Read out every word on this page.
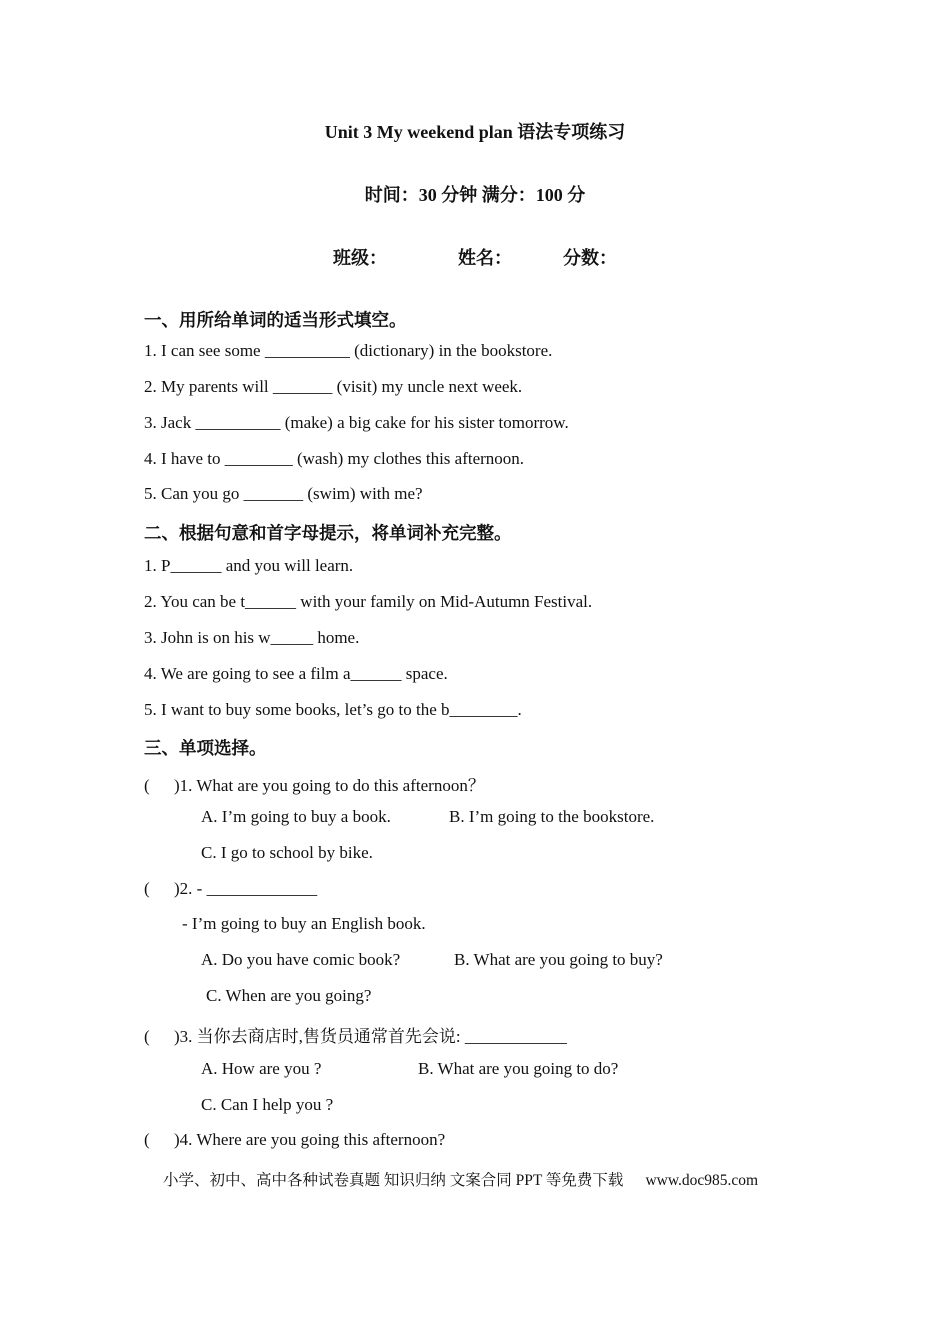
Unit 3 My weekend plan 语法专项练习
时间：30 分钟 满分：100 分
班级：	姓名：	分数：
一、用所给单词的适当形式填空。
1. I can see some __________ (dictionary) in the bookstore.
2. My parents will _______ (visit) my uncle next week.
3. Jack __________ (make) a big cake for his sister tomorrow.
4. I have to ________ (wash) my clothes this afternoon.
5. Can you go _______ (swim) with me?
二、根据句意和首字母提示，将单词补充完整。
1. P______ and you will learn.
2. You can be t______ with your family on Mid-Autumn Festival.
3. John is on his w_____ home.
4. We are going to see a film a______ space.
5. I want to buy some books, let’s go to the b________.
三、单项选择。
( )1. What are you going to do this afternoon？
A. I’m going to buy a book.	B. I’m going to the bookstore.
C. I go to school by bike.
( )2. - _____________
- I’m going to buy an English book.
A. Do you have comic book?	B. What are you going to buy?
C. When are you going?
( )3. 当你去商店时,售货员通常首先会说: ____________
A. How are you ?	B. What are you going to do?
C. Can I help you ?
( )4. Where are you going this afternoon?
小学、初中、高中各种试卷真题 知识归纳 文案合同 PPT 等免费下载 www.doc985.com
